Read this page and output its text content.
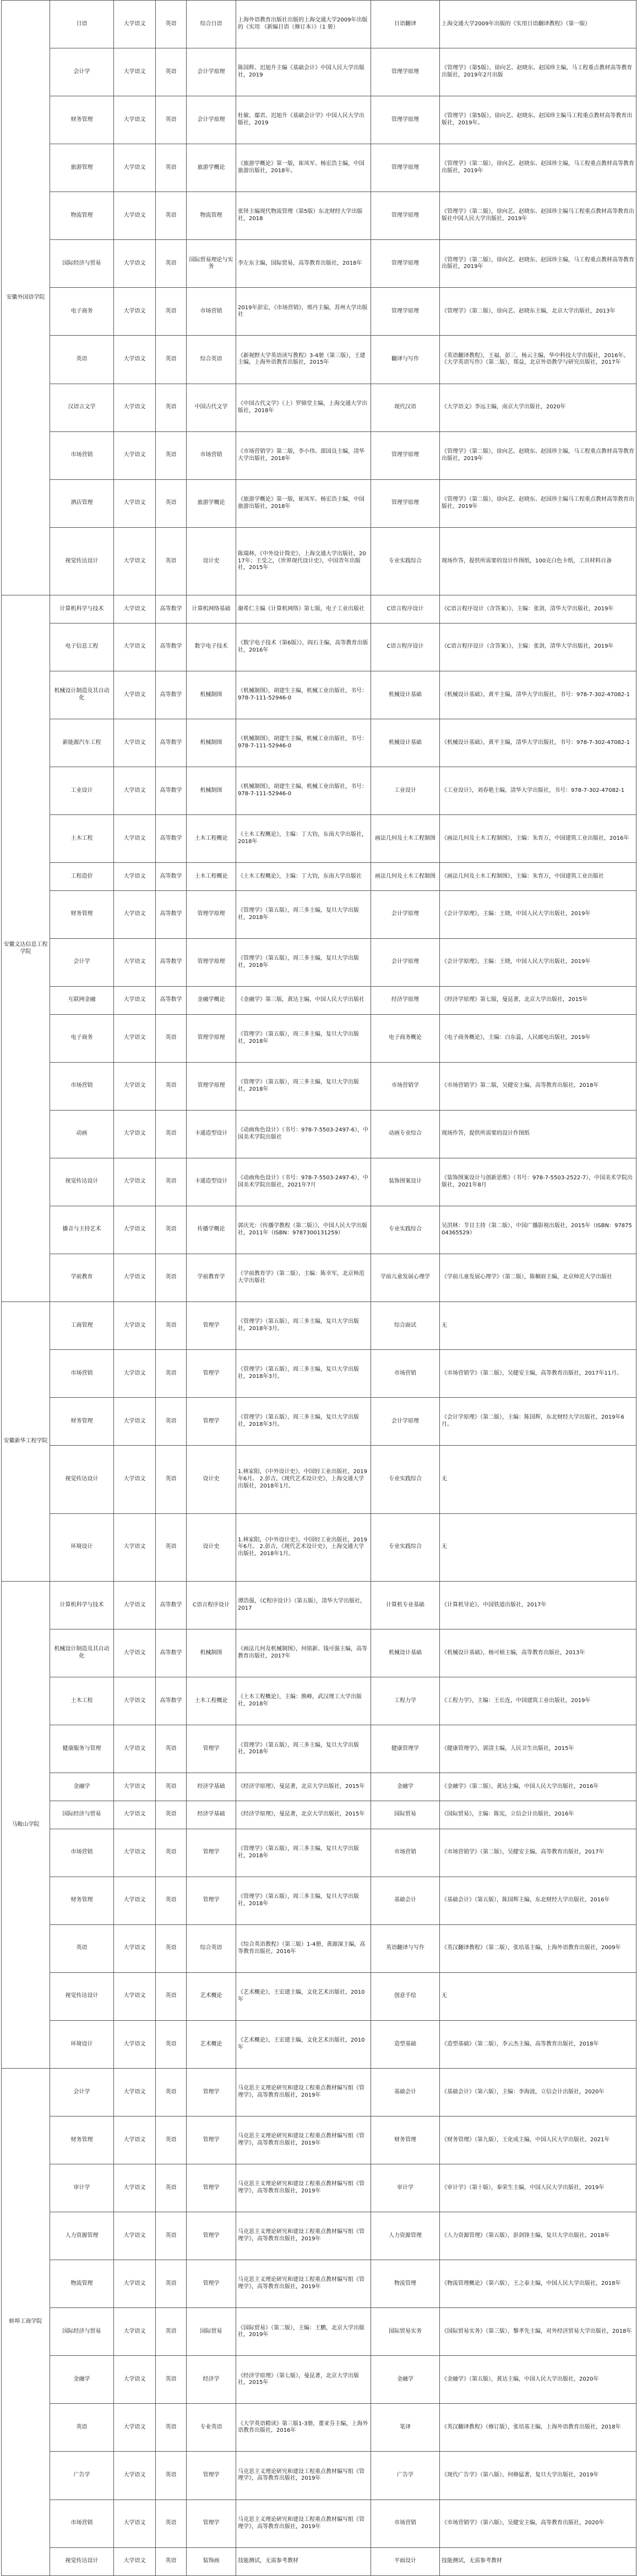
安徽外国语学院	日语	大学语文	英语	综合日语	上海外语教育出版社出版的上海交通大学2009年出版的《实用 《新编日语（修订本）》（1 册）	日语翻译	上海交通大学2009年出版的《实用日语翻译教程》（第一版）
	会计学	大学语文	英语	会计学原理	陈国辉、迟旭升主编《基础会计》中国人民大学出版社，2019	管理学原理	《管理学》（第5版），徐向艺、赵晓东、赵国珍主编，马工程重点教材高等教育出版社，2019年2月出版
	财务管理	大学语文	英语	会计学原理	杜敏、鄢君、迟旭升《基础会计学》中国人民大学出版社，2019	管理学原理	《管理学》（第5版），徐向艺、赵晓东、赵国珍主编马工程重点教材高等教育出版社，2019年。
	旅游管理	大学语文	英语	旅游学概论	《旅游学概论》第一版，崔凤军、杨宏浩主编，中国旅游出版社，2018年。	管理学原理	《管理学》（第二版），徐向艺、赵晓东、赵国珍主编，马工程重点教材高等教育出版社，2019年
	物流管理	大学语文	英语	物流管理	张铎主编现代物流管理（第5版）东北财经大学出版社，2018	管理学原理	《管理学》（第二版），徐向艺、赵晓东、赵国珍主编马工程重点教材高等教育出版社中国人民大学出版社，2019年
	国际经济与贸易	大学语文	英语	国际贸易理论与实务	李左东主编，国际贸易，高等教育出版社，2018年	管理学原理	《管理学》（第二版），徐向艺、赵晓东、赵国珍主编，马工程重点教材高等教育出版社，2019年
	电子商务	大学语文	英语	市场营销	2019年彭宏，《市场营销》，邢丹主编，苏州大学出版社	管理学原理	《管理学》（第二版），徐向艺、赵晓东主编，北京大学出版社，2013年
	英语	大学语文	英语	综合英语	《新视野大学英语读写教程》3-4册（第三版），王建主编，上海外语教育出版社，2015年	翻译与写作	《英语翻译教程》，王福，彭三，杨云主编，华中科技大学出版社，2016年。《大学英语写作》（第二版），郑益，北京外语教学与研究出版社，2017年
	汉语言文学	大学语文	英语	中国古代文学	《中国古代文学》（上）罗锦堂主编，上海交通大学出版社，2018年	现代汉语	《大学语文》李远主编，南京大学出版社，2020年
	市场营销	大学语文	英语	市场营销	《市场营销学》第二版，李小伟、邵国良主编，清华大学出版社，2018年	管理学原理	《管理学》（第二版），徐向艺、赵晓东、赵国珍主编，马工程重点教材高等教育出版社，2019年
	酒店管理	大学语文	英语	旅游学概论	《旅游学概论》第一版，崔凤军、杨宏浩主编，中国旅游出版社，2018年	管理学原理	《管理学》（第二版），徐向艺、赵晓东、赵国珍主编马工程重点教材高等教育出版社，2019年
	视觉传达设计	大学语文	英语	设计史	陈瑞林，《中外设计简史》，上海交通大学出版社，2017年；王受之，《世界现代设计史》，中国青年出版社，2015年	专业实践综合	现场作答，提供所需要的设计作图纸，100克白色卡纸，工具材料自备
安徽文达信息工程学院	计算机科学与技术	大学语文	高等数学	计算机网络基础	谢希仁主编《计算机网络》第七版，电子工业出版社	C语言程序设计	《C语言程序设计（含答案）》，主编：张剑，清华大学出版社，2019年
	电子信息工程	大学语文	高等数学	数字电子技术	《数字电子技术（第6版）》，阎石主编，高等教育出版社，2016年	C语言程序设计	《C语言程序设计（含答案）》，主编：张剑，清华大学出版社，2019年
	机械设计制造及其自动化	大学语文	高等数学	机械制图	《机械制图》，胡建生主编，机械工业出版社，书号：978-7-111-52946-0	机械设计基础	《机械设计基础》，黄平主编，清华大学出版社，书号：978-7-302-47082-1
	新能源汽车工程	大学语文	高等数学	机械制图	《机械制图》，胡建生主编，机械工业出版社，书号：978-7-111-52946-0	机械设计基础	《机械设计基础》，黄平主编，清华大学出版社，书号：978-7-302-47082-1
	工业设计	大学语文	高等数学	机械制图	《机械制图》，胡建生主编，机械工业出版社，书号：978-7-111-52946-0	工业设计	《工业设计》，刘春艳主编，清华大学出版社，书号：978-7-302-47082-1
	土木工程	大学语文	高等数学	土木工程概论	《土木工程概论》，主编：丁大钧，东南大学出版社，2018年	画法几何及土木工程制图	《画法几何及土木工程制图》，主编：朱育万，中国建筑工业出版社，2016年
	工程造价	大学语文	高等数学	土木工程概论	《土木工程概论》，主编：丁大钧，东南大学出版社	画法几何及土木工程制图	《画法几何及土木工程制图》，主编：朱育万，中国建筑工业出版社
	财务管理	大学语文	高等数学	管理学原理	《管理学》（第五版），周三多主编，复旦大学出版社，2018年	会计学原理	《会计学原理》，主编：王晓，中国人民大学出版社，2019年
	会计学	大学语文	高等数学	管理学原理	《管理学》（第五版），周三多主编，复旦大学出版社，2018年	会计学原理	《会计学原理》，主编：王晓，中国人民大学出版社，2019年
	互联网金融	大学语文	高等数学	金融学概论	《金融学》第三版，黄达主编，中国人民大学出版社	经济学原理	《经济学原理》第七版，曼昆著，北京大学出版社，2015年
	电子商务	大学语文	英语	管理学原理	《管理学》（第五版），周三多主编，复旦大学出版社，2018年	电子商务概论	《电子商务概论》，主编：白东蕊，人民邮电出版社，2019年
	市场营销	大学语文	英语	管理学原理	《管理学》（第五版），周三多主编，复旦大学出版社，2018年	市场营销学	《市场营销学》第二版，吴健安主编，高等教育出版社，2018年
	动画	大学语文	英语	卡通造型设计	《动画角色设计》（书号：978-7-5503-2497-6），中国美术学院出版社	动画专业综合	现场作答，提供所需要的设计作图纸
	视觉传达设计	大学语文	英语	卡通造型设计	《动画角色设计》（书号：978-7-5503-2497-6），中国美术学院出版社，2021年7月	装饰图案设计	《装饰图案设计与创新思维》（书号：978-7-5503-2522-7），中国美术学院出版社，2021年8月
	播音与主持艺术	大学语文	英语	传播学概论	郭庆光：《传播学教程（第二版）》，中国人民大学出版社，2011年（ISBN：9787300131259）	专业实践综合	吴洪林：节目主持（第二版），中国广播影视出版社，2015年（ISBN：9787504365529）
	学前教育	大学语文	英语	学前教育学	《学前教育学》（第二版），主编：陈幸军，北京师范大学出版社	学前儿童发展心理学	《学前儿童发展心理学》（第二版），陈帼眉主编，北京师范大学出版社
安徽新华工程学院	工商管理	大学语文	英语	管理学	《管理学》（第五版），周三多主编，复旦大学出版社，2018年3月。	综合面试	无
	市场营销	大学语文	英语	管理学	《管理学》（第五版），周三多主编，复旦大学出版社，2018年3月。	市场营销	《市场营销学》（第二版），吴健安主编，高等教育出版社，2017年11月。
	财务管理	大学语文	英语	管理学	《管理学》（第五版），周三多主编，复旦大学出版社，2018年3月。	会计学原理	《会计学原理》（第二版），主编：陈国辉，东北财经大学出版社，2019年6月。
	视觉传达设计	大学语文	英语	设计史	1.林家阳，《中外设计史》，中国轻工业出版社，2019年6月。 2.彭吉，《现代艺术设计史》，上海交通大学出版社，2018年1月。	专业实践综合	无
	环境设计	大学语文	英语	设计史	1.林家阳，《中外设计史》，中国轻工业出版社，2019年6月。 2.彭吉，《现代艺术设计史》，上海交通大学出版社，2018年1月。	专业实践综合	无
马鞍山学院	计算机科学与技术	大学语文	高等数学	C语言程序设计	谭浩强，《C程序设计》（第五版），清华大学出版社，2017	计算机专业基础	《计算机导论》，中国铁道出版社，2017年
	机械设计制造及其自动化	大学语文	高等数学	机械制图	《画法几何及机械制图》，何铭新、钱可强主编，高等教育出版社，2017年	机械设计基础	《机械设计基础》，杨可桢主编，高等教育出版社，2013年
	土木工程	大学语文	高等数学	土木工程概论	《土木工程概论》，主编：熊峰，武汉理工大学出版社，2018年	工程力学	《工程力学》，主编：王长连，中国建筑工业出版社，2019年
	健康服务与管理	大学语文	英语	管理学	《管理学》（第五版），周三多主编，复旦大学出版社，2018年	健康管理学	《健康管理学》，郭清主编，人民卫生出版社，2015年
	金融学	大学语文	英语	经济学基础	《经济学原理》，曼昆著，北京大学出版社，2015年	金融学	《金融学》（第二版），黄达主编，中国人民大学出版社，2016年
	国际经济与贸易	大学语文	英语	经济学基础	《经济学原理》，曼昆著，北京大学出版社，2015年	国际贸易	《国际贸易》，主编：陈宪，立信会计出版社，2016年
	市场营销	大学语文	英语	管理学	《管理学》（第五版），周三多主编，复旦大学出版社，2018年	市场营销	《市场营销学》（第二版），吴健安主编，高等教育出版社，2017年
	财务管理	大学语文	英语	管理学	《管理学》（第五版），周三多主编，复旦大学出版社，2018年	基础会计	《基础会计》（第五版），陈国辉主编，东北财经大学出版社，2016年
	英语	大学语文	英语	综合英语	《综合英语教程》（第三版）1-4册，黄源深主编，高等教育出版社，2016年	英语翻译与写作	《英汉翻译教程》（第二版），张培基主编，上海外语教育出版社，2009年
	视觉传达设计	大学语文	英语	艺术概论	《艺术概论》，王宏建主编，文化艺术出版社，2010年	创意手绘	无
	环境设计	大学语文	英语	艺术概论	《艺术概论》，王宏建主编，文化艺术出版社，2010年	造型基础	《造型基础》（第二版），李云杰主编，高等教育出版社，2018年
蚌埠工商学院	会计学	大学语文	英语	管理学	马克思主义理论研究和建设工程重点教材编写组《管理学》，高等教育出版社，2019年	基础会计	《基础会计》（第六版），主编：李海波，立信会计出版社，2020年
	财务管理	大学语文	英语	管理学	马克思主义理论研究和建设工程重点教材编写组《管理学》，高等教育出版社，2019年	财务管理	《财务管理》（第九版），王化成主编，中国人民大学出版社，2021年
	审计学	大学语文	英语	管理学	马克思主义理论研究和建设工程重点教材编写组《管理学》，高等教育出版社，2019年	审计学	《审计学》（第十版），秦荣生主编，中国人民大学出版社，2019年
	人力资源管理	大学语文	英语	管理学	马克思主义理论研究和建设工程重点教材编写组《管理学》，高等教育出版社，2019年	人力资源管理	《人力资源管理》（第五版），彭剑锋主编，复旦大学出版社，2018年
	物流管理	大学语文	英语	管理学	马克思主义理论研究和建设工程重点教材编写组《管理学》，高等教育出版社，2019年	物流管理	《物流管理概论》（第六版），王之泰主编，中国人民大学出版社，2018年
	国际经济与贸易	大学语文	英语	国际贸易	《国际贸易》（第二版），主编：王鹏，北京大学出版社，2019年	国际贸易实务	《国际贸易实务》（第三版），黎孝先主编，对外经济贸易大学出版社，2018年
	金融学	大学语文	英语	经济学	《经济学原理》（第七版），曼昆著，北京大学出版社，2015年	金融学	《金融学》（第五版），黄达主编，中国人民大学出版社，2020年
	英语	大学语文	英语	专业英语	《大学英语精读》第三版1-3册，董亚芬主编，上海外语教育出版社，2016年	笔译	《英汉翻译教程》（修订版），张培基主编，上海外语教育出版社，2018年
	广告学	大学语文	英语	管理学	马克思主义理论研究和建设工程重点教材编写组《管理学》，高等教育出版社，2019年	广告学	《现代广告学》（第八版），何修猛著，复旦大学出版社，2019年
	市场营销	大学语文	英语	管理学	马克思主义理论研究和建设工程重点教材编写组《管理学》，高等教育出版社，2019年	市场营销	《市场营销学》（第六版），吴健安主编，高等教育出版社，2020年
	视觉传达设计	大学语文	英语	装饰画	技能测试，无需参考教材	平面设计	技能测试，无需参考教材
